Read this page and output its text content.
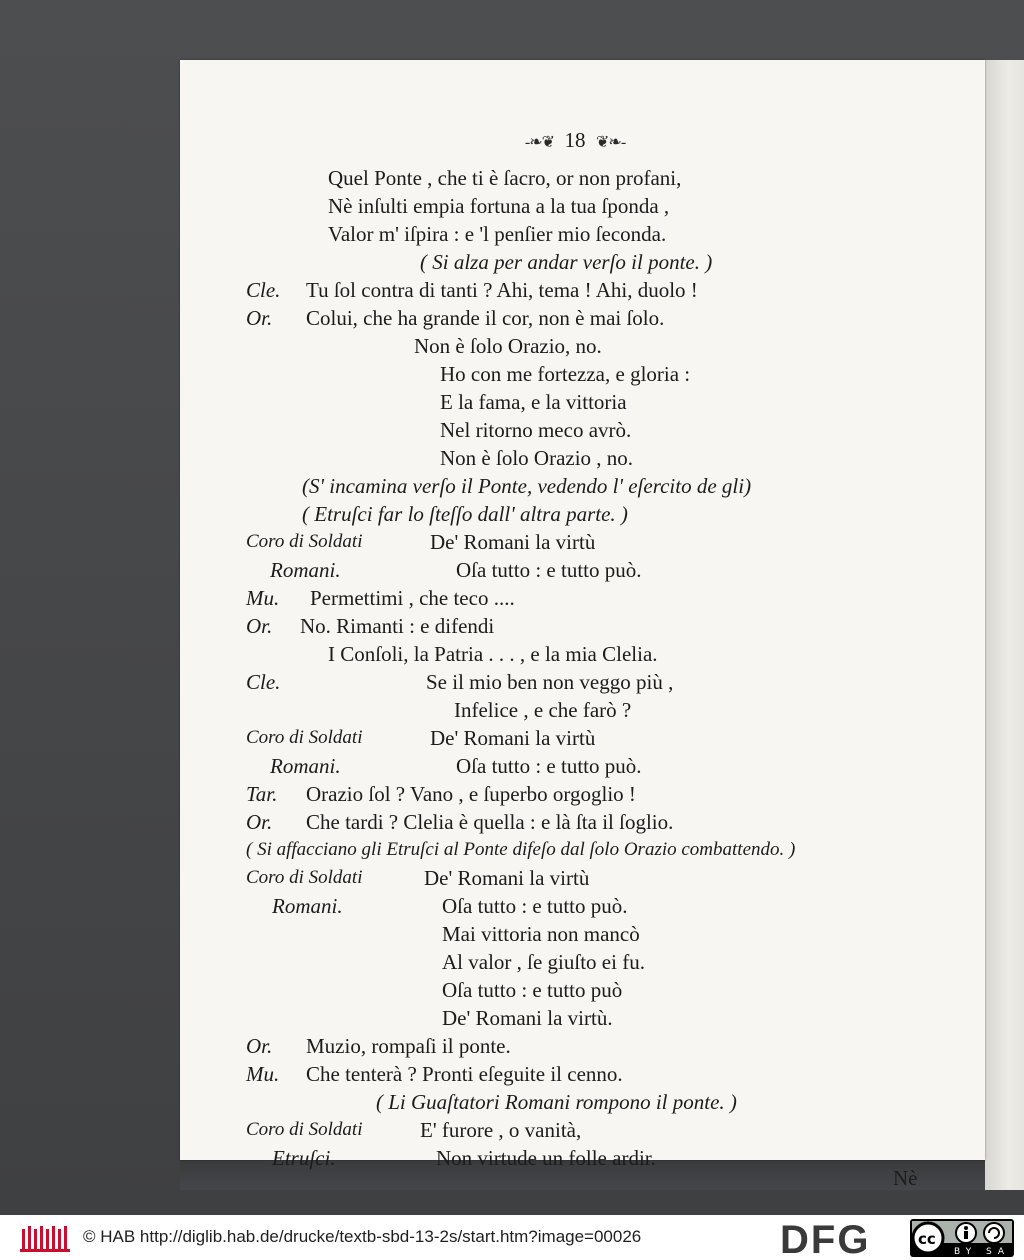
-❧❦ 18 ❦❧-
Quel Ponte , che ti è ſacro, or non profani,
Nè inſulti empia fortuna a la tua ſponda ,
Valor m' iſpira : e 'l penſier mio ſeconda.
( Si alza per andar verſo il ponte. )
Cle. Tu ſol contra di tanti ? Ahi, tema ! Ahi, duolo !
Or. Colui, che ha grande il cor, non è mai ſolo.
Non è ſolo Orazio, no.
Ho con me fortezza, e gloria :
E la fama, e la vittoria
Nel ritorno meco avrò.
Non è ſolo Orazio , no.
(S' incamina verſo il Ponte, vedendo l' eſercito de gli)
( Etruſci far lo ſteſſo dall' altra parte. )
Coro di Soldati	De' Romani la virtù
Romani.	Oſa tutto : e tutto può.
Mu. Permettimi , che teco ....
Or. No. Rimanti : e difendi
I Conſoli, la Patria . . . , e la mia Clelia.
Cle.	Se il mio ben non veggo più ,
Infelice , e che farò ?
Coro di Soldati	De' Romani la virtù
Romani.	Oſa tutto : e tutto può.
Tar. Orazio ſol ? Vano , e ſuperbo orgoglio !
Or. Che tardi ? Clelia è quella : e là ſta il ſoglio.
( Si affacciano gli Etruſci al Ponte difeſo dal ſolo Orazio combattendo. )
Coro di Soldati	De' Romani la virtù
Romani.	Oſa tutto : e tutto può.
Mai vittoria non mancò
Al valor , ſe giuſto ei fu.
Oſa tutto : e tutto può
De' Romani la virtù.
Or. Muzio, rompaſi il ponte.
Mu. Che tenterà ? Pronti eſeguite il cenno.
( Li Guaſtatori Romani rompono il ponte. )
Coro di Soldati	E' furore , o vanità,
Etruſci.	Non virtude un folle ardir.
Nè
© HAB http://diglib.hab.de/drucke/textb-sbd-13-2s/start.htm?image=00026	DFG	cc
BY SA
